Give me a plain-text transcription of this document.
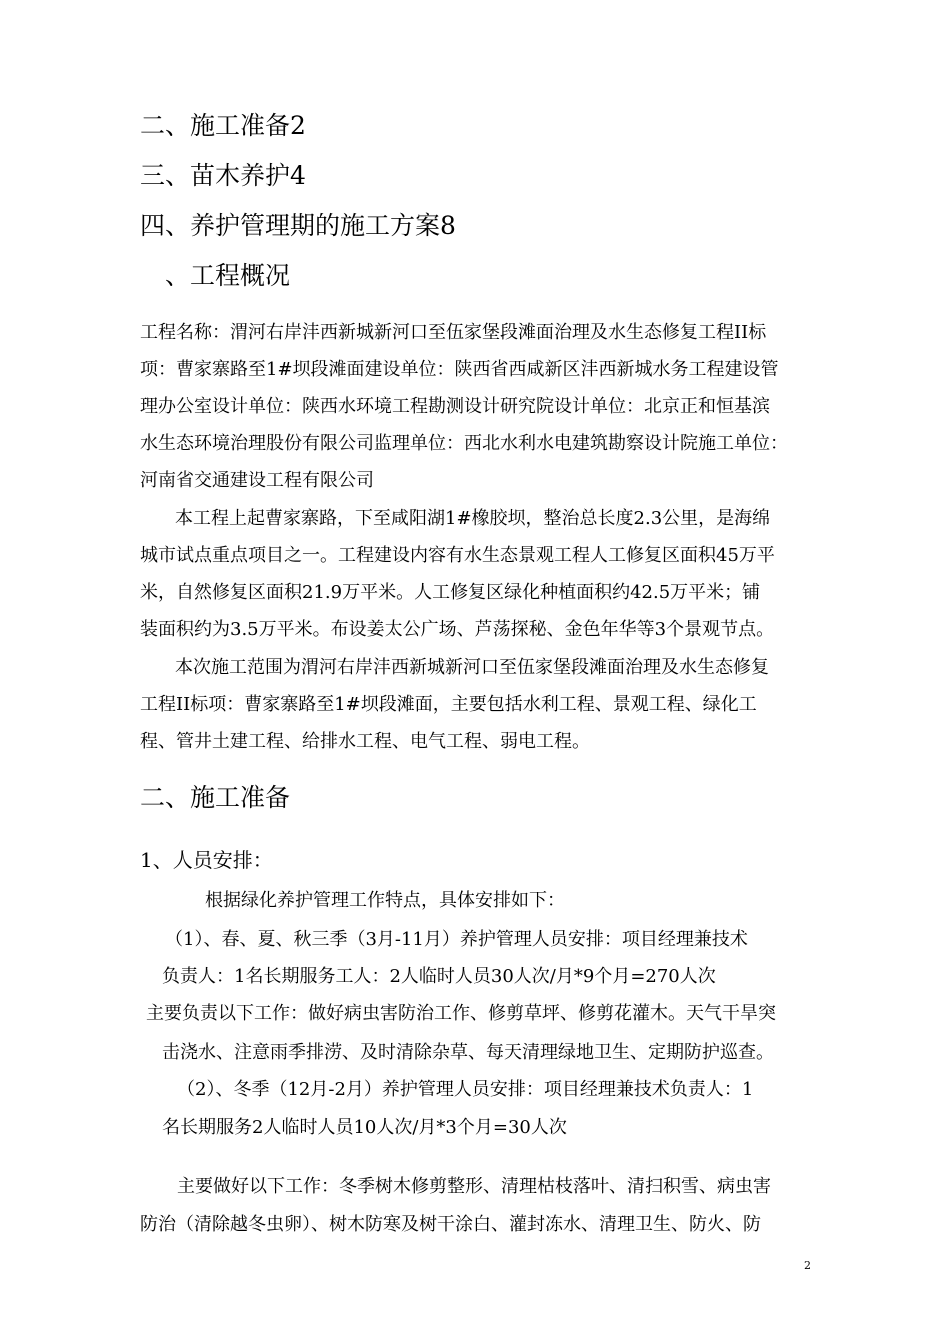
二、施工准备2
三、苗木养护4
四、养护管理期的施工方案8
、工程概况
工程名称：渭河右岸沣西新城新河口至伍家堡段滩面治理及水生态修复工程II标
项：曹家寨路至1#坝段滩面建设单位：陕西省西咸新区沣西新城水务工程建设管
理办公室设计单位：陕西水环境工程勘测设计研究院设计单位：北京正和恒基滨
水生态环境治理股份有限公司监理单位：西北水利水电建筑勘察设计院施工单位：
河南省交通建设工程有限公司
本工程上起曹家寨路，下至咸阳湖1#橡胶坝，整治总长度2.3公里，是海绵
城市试点重点项目之一。工程建设内容有水生态景观工程人工修复区面积45万平
米，自然修复区面积21.9万平米。人工修复区绿化种植面积约42.5万平米；铺
装面积约为3.5万平米。布设姜太公广场、芦荡探秘、金色年华等3个景观节点。
本次施工范围为渭河右岸沣西新城新河口至伍家堡段滩面治理及水生态修复
工程II标项：曹家寨路至1#坝段滩面，主要包括水利工程、景观工程、绿化工
程、管井土建工程、给排水工程、电气工程、弱电工程。
二、施工准备
1、人员安排：
根据绿化养护管理工作特点，具体安排如下：
（1）、春、夏、秋三季（3月-11月）养护管理人员安排：项目经理兼技术
负责人：1名长期服务工人：2人临时人员30人次/月*9个月=270人次
主要负责以下工作：做好病虫害防治工作、修剪草坪、修剪花灌木。天气干旱突
击浇水、注意雨季排涝、及时清除杂草、每天清理绿地卫生、定期防护巡查。
（2）、冬季（12月-2月）养护管理人员安排：项目经理兼技术负责人：1
名长期服务2人临时人员10人次/月*3个月=30人次
主要做好以下工作：冬季树木修剪整形、清理枯枝落叶、清扫积雪、病虫害
防治（清除越冬虫卵）、树木防寒及树干涂白、灌封冻水、清理卫生、防火、防
2
